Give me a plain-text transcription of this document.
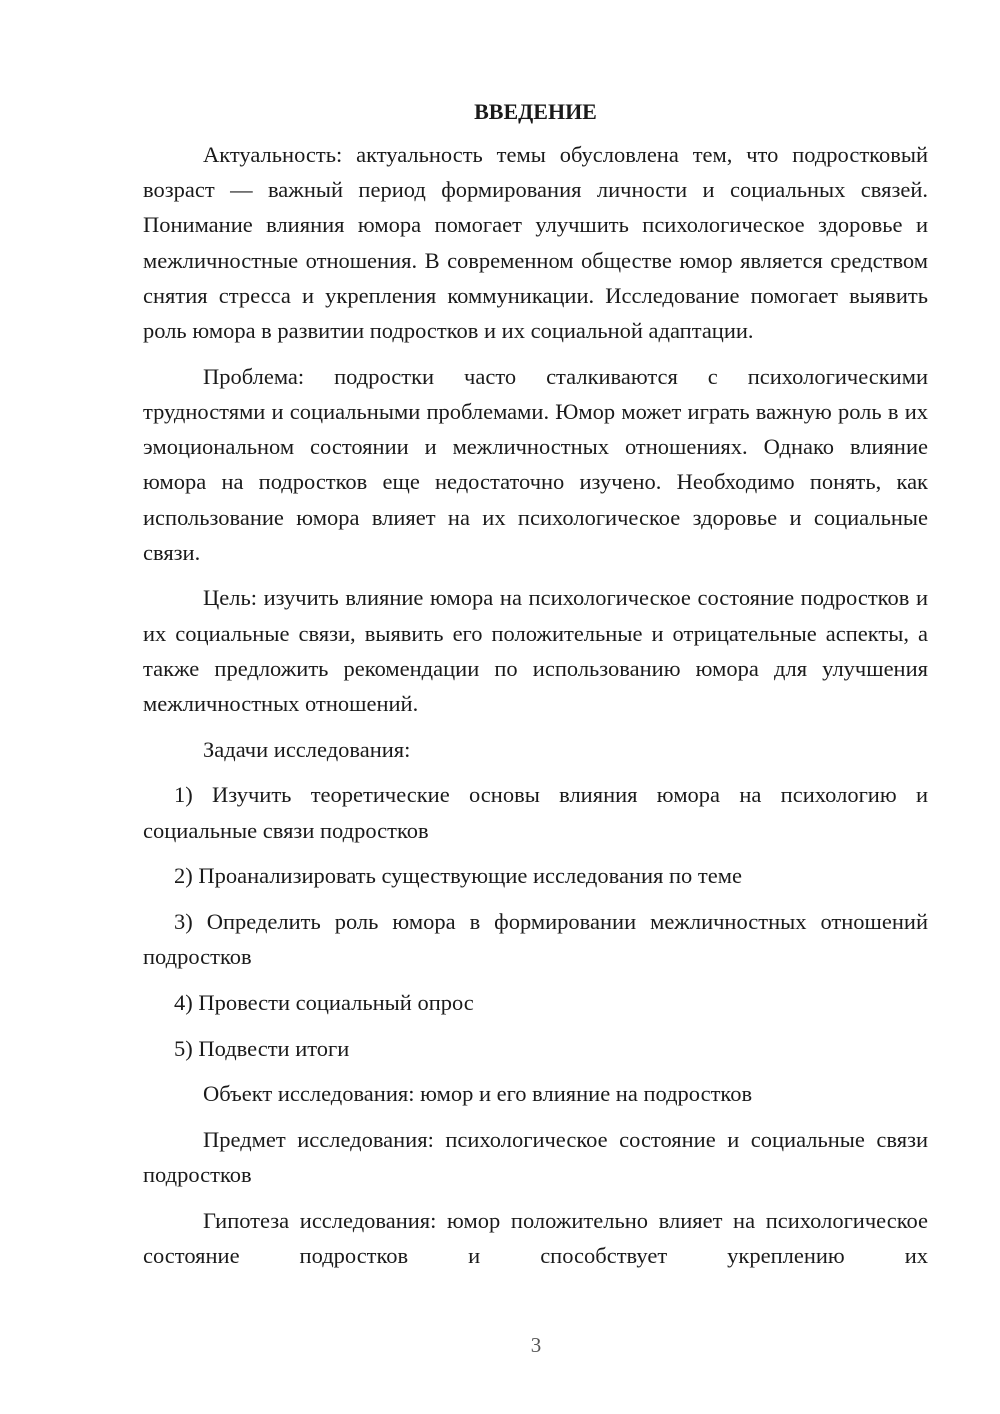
ВВЕДЕНИЕ

Актуальность: актуальность темы обусловлена тем, что подростковый возраст — важный период формирования личности и социальных связей. Понимание влияния юмора помогает улучшить психологическое здоровье и межличностные отношения. В современном обществе юмор является средством снятия стресса и укрепления коммуникации. Исследование помогает выявить роль юмора в развитии подростков и их социальной адаптации.

Проблема: подростки часто сталкиваются с психологическими трудностями и социальными проблемами. Юмор может играть важную роль в их эмоциональном состоянии и межличностных отношениях. Однако влияние юмора на подростков еще недостаточно изучено. Необходимо понять, как использование юмора влияет на их психологическое здоровье и социальные связи.

Цель: изучить влияние юмора на психологическое состояние подростков и их социальные связи, выявить его положительные и отрицательные аспекты, а также предложить рекомендации по использованию юмора для улучшения межличностных отношений.

Задачи исследования:

1) Изучить теоретические основы влияния юмора на психологию и социальные связи подростков

2) Проанализировать существующие исследования по теме

3) Определить роль юмора в формировании межличностных отношений подростков

4) Провести социальный опрос

5) Подвести итоги

Объект исследования: юмор и его влияние на подростков

Предмет исследования: психологическое состояние и социальные связи подростков

Гипотеза исследования: юмор положительно влияет на психологическое состояние подростков и способствует укреплению их

3
